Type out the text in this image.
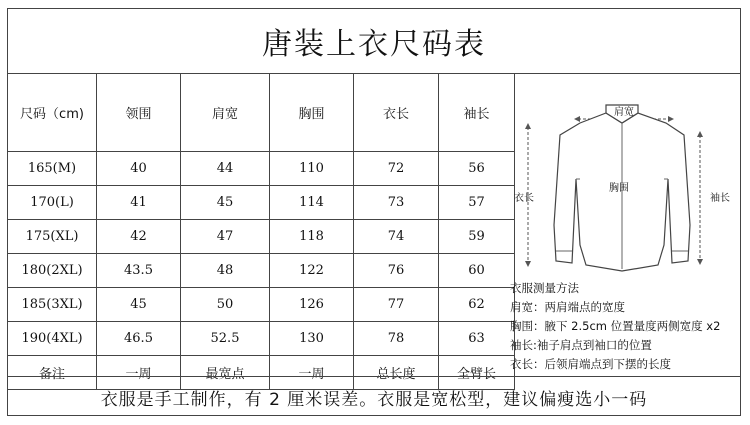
唐装上衣尺码表
尺码（cm)	领围	肩宽	胸围	衣长	袖长
165(M)	40	44	110	72	56
170(L)	41	45	114	73	57
175(XL)	42	47	118	74	59
180(2XL)	43.5	48	122	76	60
185(3XL)	45	50	126	77	62
190(4XL)	46.5	52.5	130	78	63
备注	一周	最宽点	一周	总长度	全臂长
肩宽
胸围
衣长	袖长
衣服测量方法
肩宽：两肩端点的宽度
胸围：腋下 2.5cm 位置量度两侧宽度 x2
袖长:袖子肩点到袖口的位置
衣长：后领肩端点到下摆的长度
衣服是手工制作，有 2 厘米误差。衣服是宽松型，建议偏瘦选小一码
